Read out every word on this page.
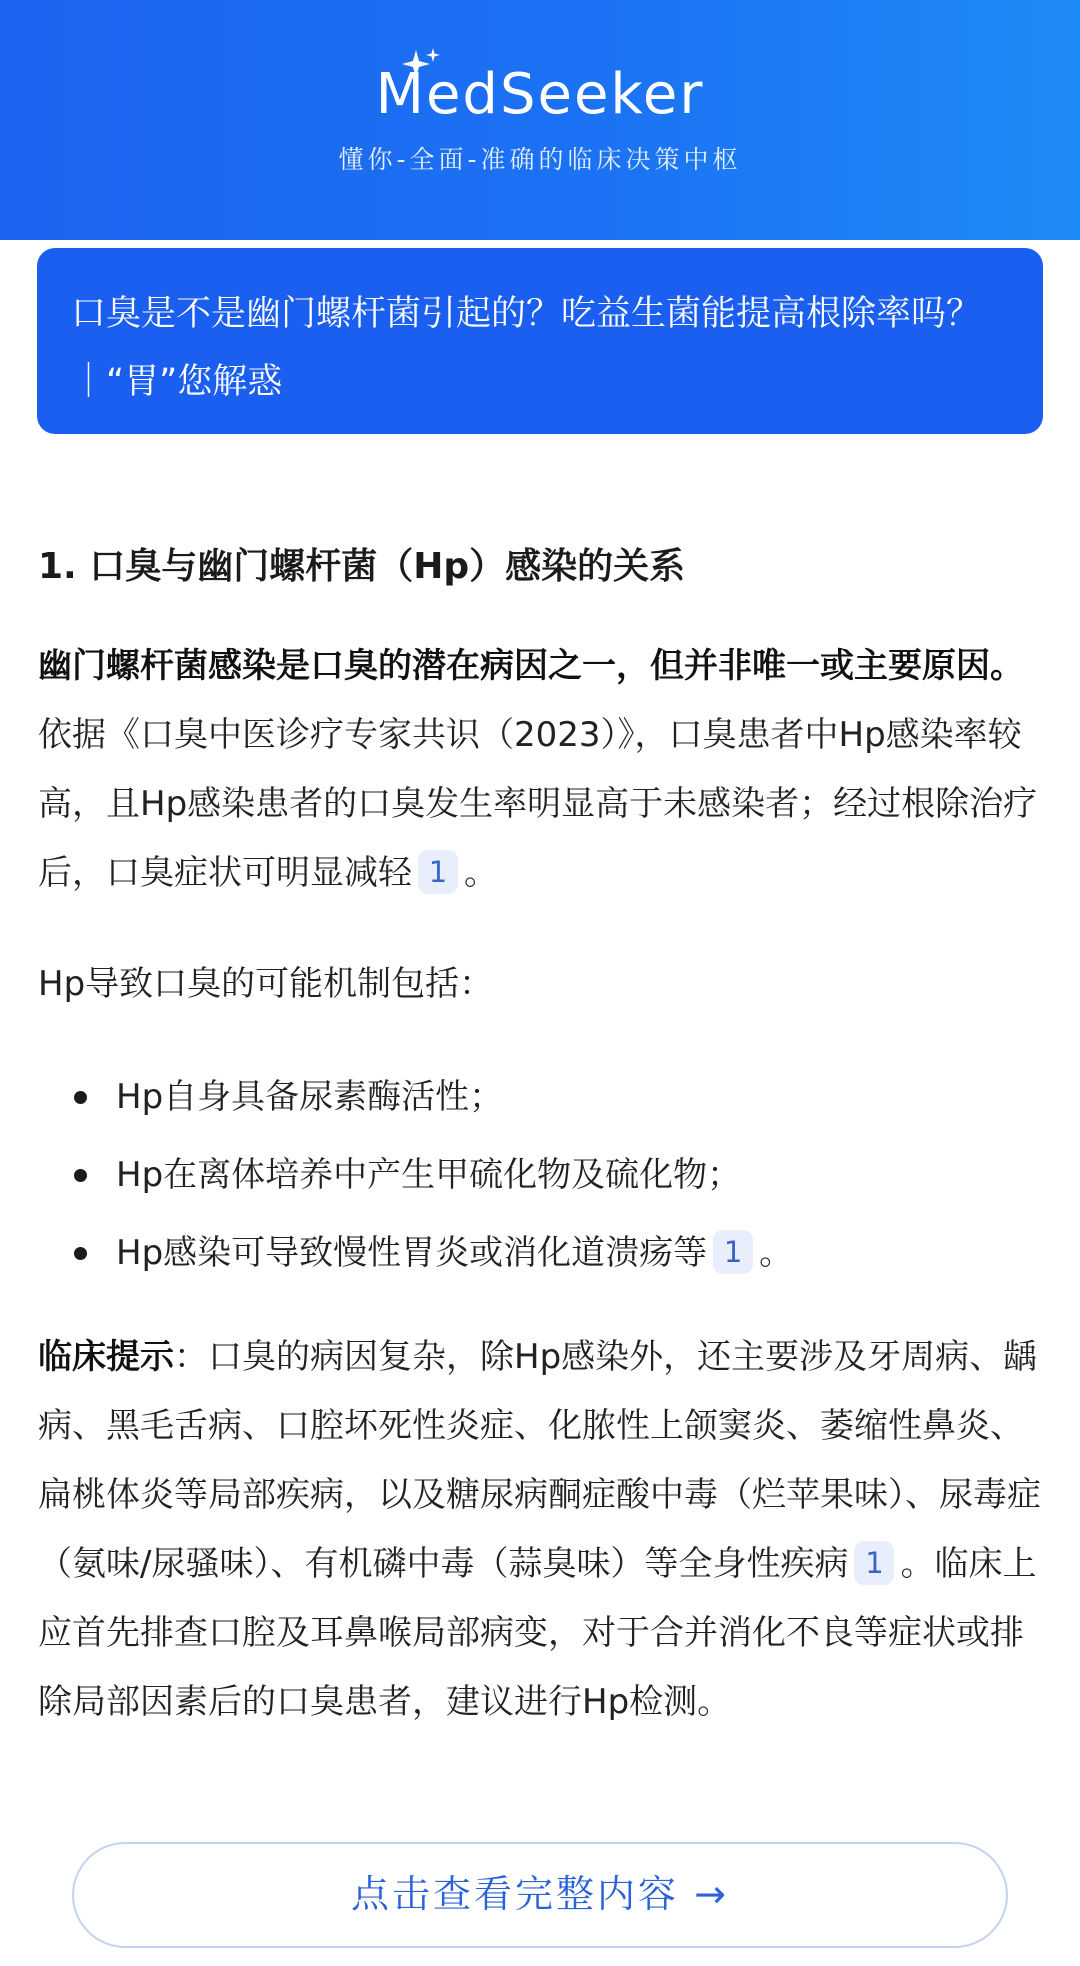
MedSeeker
懂你-全面-准确的临床决策中枢
口臭是不是幽门螺杆菌引起的？吃益生菌能提高根除率吗？｜“胃”您解惑
1. 口臭与幽门螺杆菌（Hp）感染的关系
幽门螺杆菌感染是口臭的潜在病因之一，但并非唯一或主要原因。 依据《口臭中医诊疗专家共识（2023）》，口臭患者中Hp感染率较高，且Hp感染患者的口臭发生率明显高于未感染者；经过根除治疗后，口臭症状可明显减轻 1 。
Hp导致口臭的可能机制包括：
Hp自身具备尿素酶活性；
Hp在离体培养中产生甲硫化物及硫化物；
Hp感染可导致慢性胃炎或消化道溃疡等 1 。
临床提示：口臭的病因复杂，除Hp感染外，还主要涉及牙周病、龋病、黑毛舌病、口腔坏死性炎症、化脓性上颌窦炎、萎缩性鼻炎、扁桃体炎等局部疾病，以及糖尿病酮症酸中毒（烂苹果味）、尿毒症（氨味/尿骚味）、有机磷中毒（蒜臭味）等全身性疾病 1 。临床上应首先排查口腔及耳鼻喉局部病变，对于合并消化不良等症状或排除局部因素后的口臭患者，建议进行Hp检测。
点击查看完整内容 →
